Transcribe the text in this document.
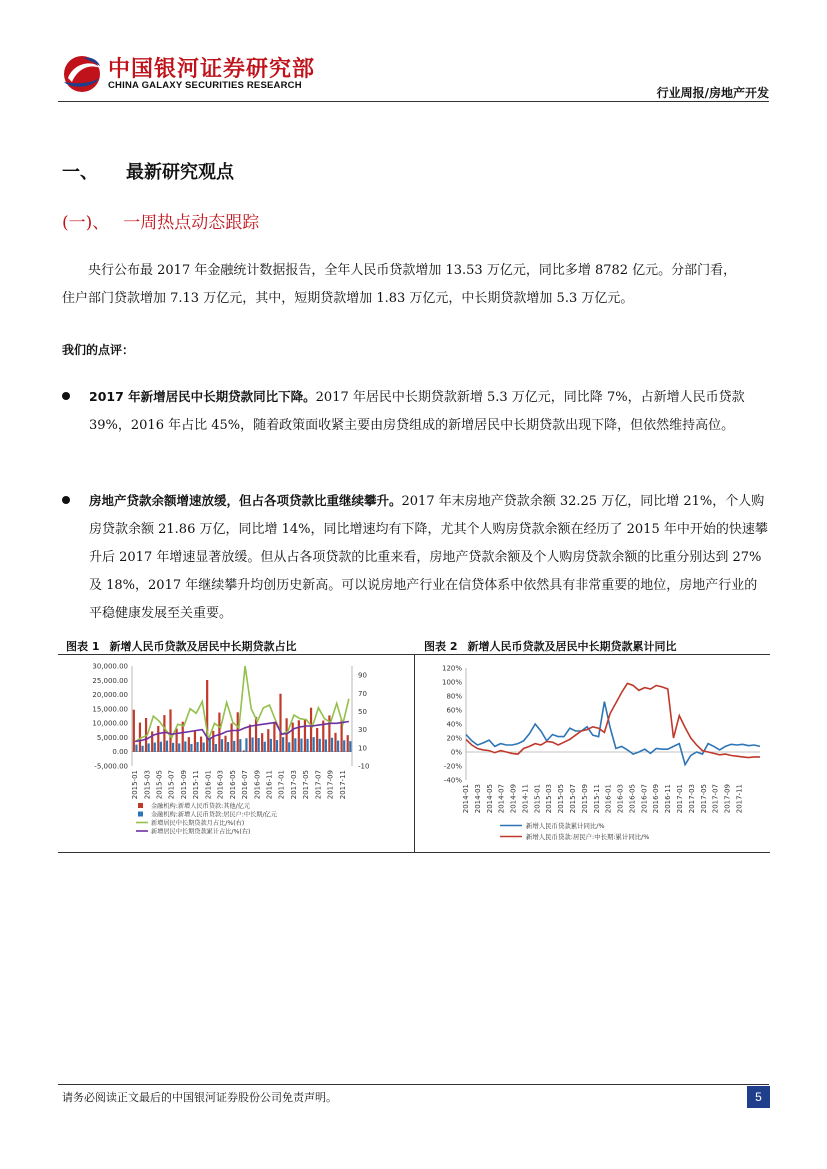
中国银河证券研究部
CHINA GALAXY SECURITIES RESEARCH
行业周报/房地产开发
一、 最新研究观点
(一)、 一周热点动态跟踪

央行公布最 2017 年金融统计数据报告，全年人民币贷款增加 13.53 万亿元，同比多增 8782 亿元。分部门看，

住户部门贷款增加 7.13 万亿元，其中，短期贷款增加 1.83 万亿元，中长期贷款增加 5.3 万亿元。

我们的点评：
2017 年新增居民中长期贷款同比下降。2017 年居民中长期贷款新增 5.3 万亿元，同比降 7%，占新增人民币贷款 39%，2016 年占比 45%，随着政策面收紧主要由房贷组成的新增居民中长期贷款出现下降，但依然维持高位。
房地产贷款余额增速放缓，但占各项贷款比重继续攀升。2017 年末房地产贷款余额 32.25 万亿，同比增 21%，个人购房贷款余额 21.86 万亿，同比增 14%，同比增速均有下降，尤其个人购房贷款余额在经历了 2015 年中开始的快速攀升后 2017 年增速显著放缓。但从占各项贷款的比重来看，房地产贷款余额及个人购房贷款余额的比重分别达到 27%及 18%，2017 年继续攀升均创历史新高。可以说房地产行业在信贷体系中依然具有非常重要的地位，房地产行业的平稳健康发展至关重要。
图表 1 新增人民币贷款及居民中长期贷款占比	图表 2 新增人民币贷款及居民中长期贷款累计同比
30,000.00
25,000.00
20,000.00
15,000.00
10,000.00
5,000.00
0.00
-5,000.00
90
70
50
30
10
-10
2015-01 2015-03 2015-05 2015-07 2015-09 2015-11 2016-01 2016-03 2016-05 2016-07 2016-09 2016-11 2017-01 2017-03 2017-05 2017-07 2017-09 2017-11
金融机构:新增人民币贷款:其他/亿元
金融机构:新增人民币贷款:居民户:中长期/亿元
新增居民中长期贷款月占比/%(右)
新增居民中长期贷款累计占比/%(右)
120%
100%
80%
60%
40%
20%
0%
-20%
-40%
2014-01 2014-03 2014-05 2014-07 2014-09 2014-11 2015-01 2015-03 2015-05 2015-07 2015-09 2015-11 2016-01 2016-03 2016-05 2016-07 2016-09 2016-11 2017-01 2017-03 2017-05 2017-07 2017-09 2017-11
新增人民币贷款累计同比/%
新增人民币贷款:居民户:中长期:累计同比/%
请务必阅读正文最后的中国银河证券股份公司免责声明。	5
